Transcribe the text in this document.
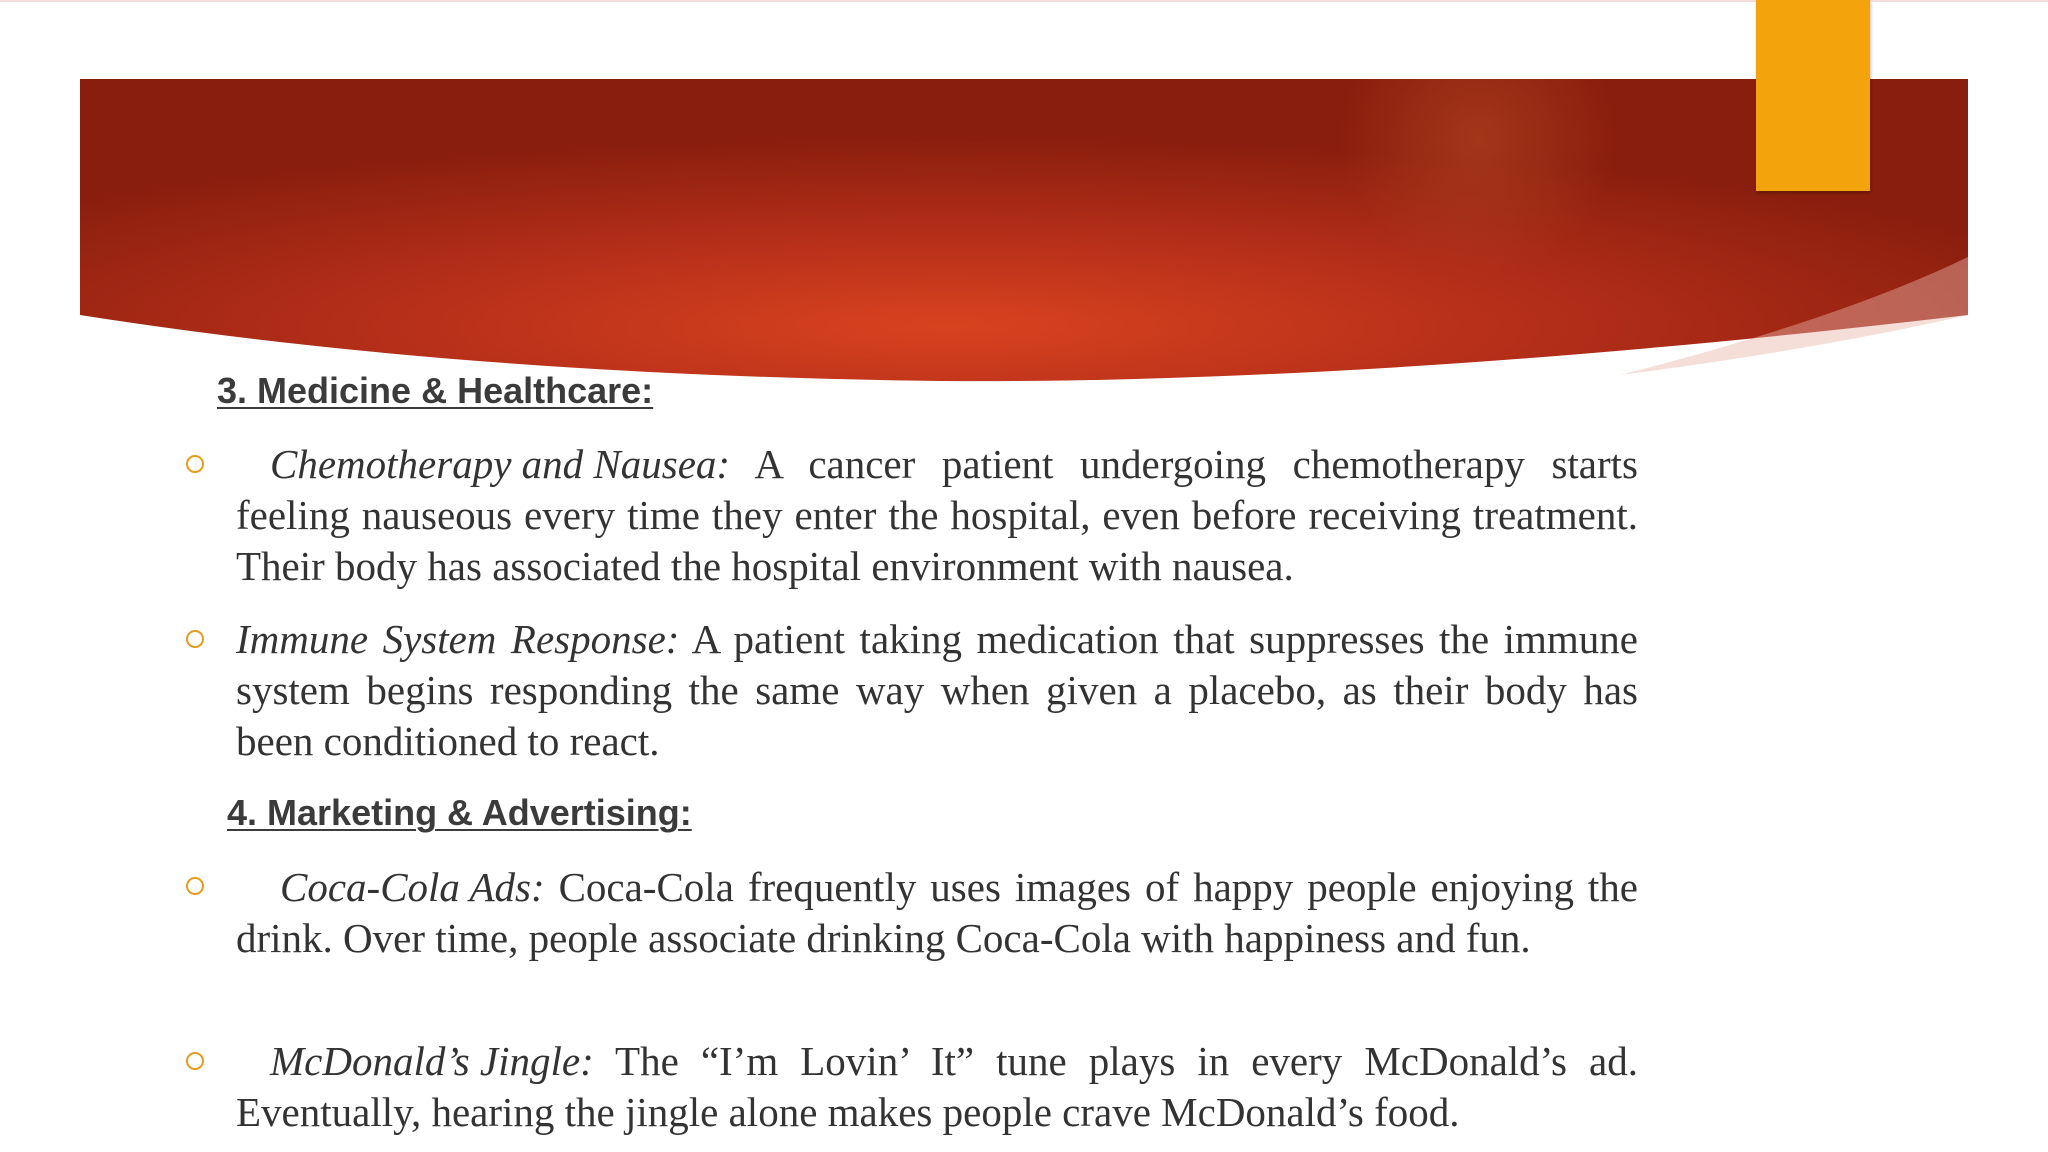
3. Medicine & Healthcare:

Chemotherapy and Nausea: A cancer patient undergoing chemotherapy starts feeling nauseous every time they enter the hospital, even before receiving treatment. Their body has associated the hospital environment with nausea.

Immune System Response: A patient taking medication that suppresses the immune system begins responding the same way when given a placebo, as their body has been conditioned to react.

4. Marketing & Advertising:

Coca-Cola Ads: Coca-Cola frequently uses images of happy people enjoying the drink. Over time, people associate drinking Coca-Cola with happiness and fun.

McDonald’s Jingle: The “I’m Lovin’ It” tune plays in every McDonald’s ad. Eventually, hearing the jingle alone makes people crave McDonald’s food.
